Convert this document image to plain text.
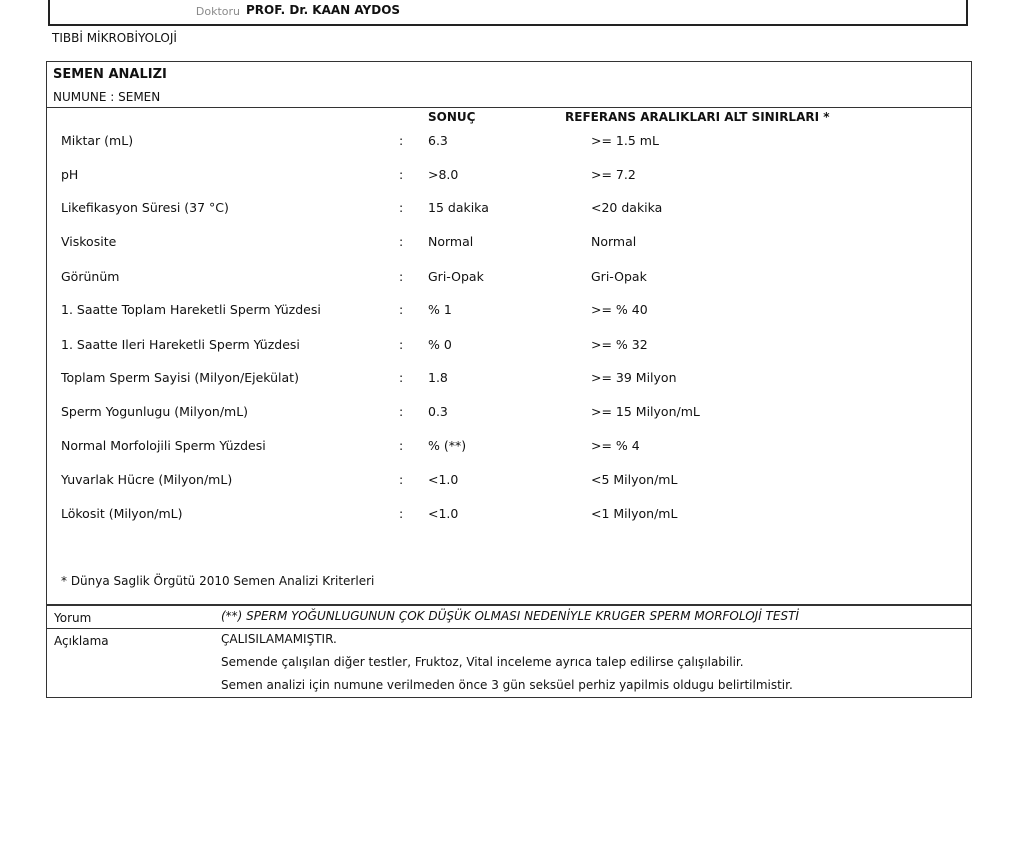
Doktoru PROF. Dr. KAAN AYDOS
TIBBİ MİKROBİYOLOJİ
SEMEN ANALIZI
NUMUNE : SEMEN
SONUÇ	REFERANS ARALIKLARI ALT SINIRLARI *
Miktar (mL)	: 6.3	>= 1.5 mL
pH	: >8.0	>= 7.2
Likefikasyon Süresi (37 °C)	: 15 dakika	<20 dakika
Viskosite	: Normal	Normal
Görünüm	: Gri-Opak	Gri-Opak
1. Saatte Toplam Hareketli Sperm Yüzdesi	: % 1	>= % 40
1. Saatte Ileri Hareketli Sperm Yüzdesi	: % 0	>= % 32
Toplam Sperm Sayisi (Milyon/Ejekülat)	: 1.8	>= 39 Milyon
Sperm Yogunlugu (Milyon/mL)	: 0.3	>= 15 Milyon/mL
Normal Morfolojili Sperm Yüzdesi	: % (**)	>= % 4
Yuvarlak Hücre (Milyon/mL)	: <1.0	<5 Milyon/mL
Lökosit (Milyon/mL)	: <1.0	<1 Milyon/mL
* Dünya Saglik Örgütü 2010 Semen Analizi Kriterleri
Yorum	(**) SPERM YOĞUNLUGUNUN ÇOK DÜŞÜK OLMASI NEDENİYLE KRUGER SPERM MORFOLOJİ TESTİ
Açıklama	ÇALISILAMAMIŞTIR.
Semende çalışılan diğer testler, Fruktoz, Vital inceleme ayrıca talep edilirse çalışılabilir.
Semen analizi için numune verilmeden önce 3 gün seksüel perhiz yapilmis oldugu belirtilmistir.
